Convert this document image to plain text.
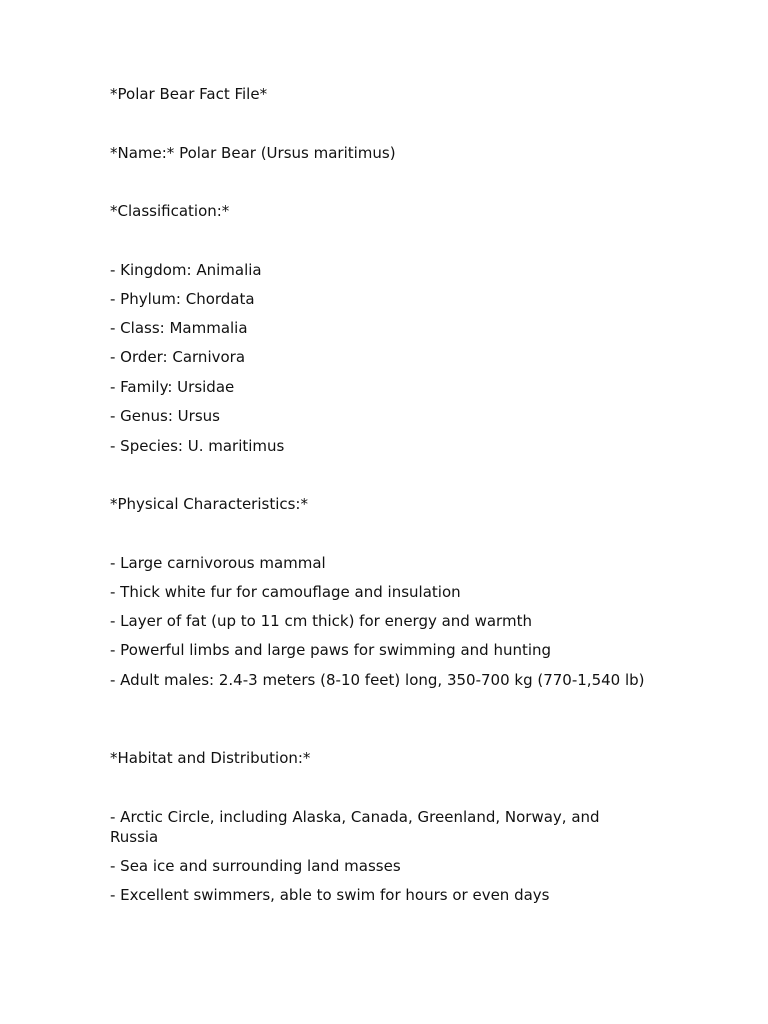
*Polar Bear Fact File*
*Name:* Polar Bear (Ursus maritimus)
*Classification:*
- Kingdom: Animalia
- Phylum: Chordata
- Class: Mammalia
- Order: Carnivora
- Family: Ursidae
- Genus: Ursus
- Species: U. maritimus
*Physical Characteristics:*
- Large carnivorous mammal
- Thick white fur for camouflage and insulation
- Layer of fat (up to 11 cm thick) for energy and warmth
- Powerful limbs and large paws for swimming and hunting
- Adult males: 2.4-3 meters (8-10 feet) long, 350-700 kg (770-1,540 lb)
*Habitat and Distribution:*
- Arctic Circle, including Alaska, Canada, Greenland, Norway, and Russia
- Sea ice and surrounding land masses
- Excellent swimmers, able to swim for hours or even days
